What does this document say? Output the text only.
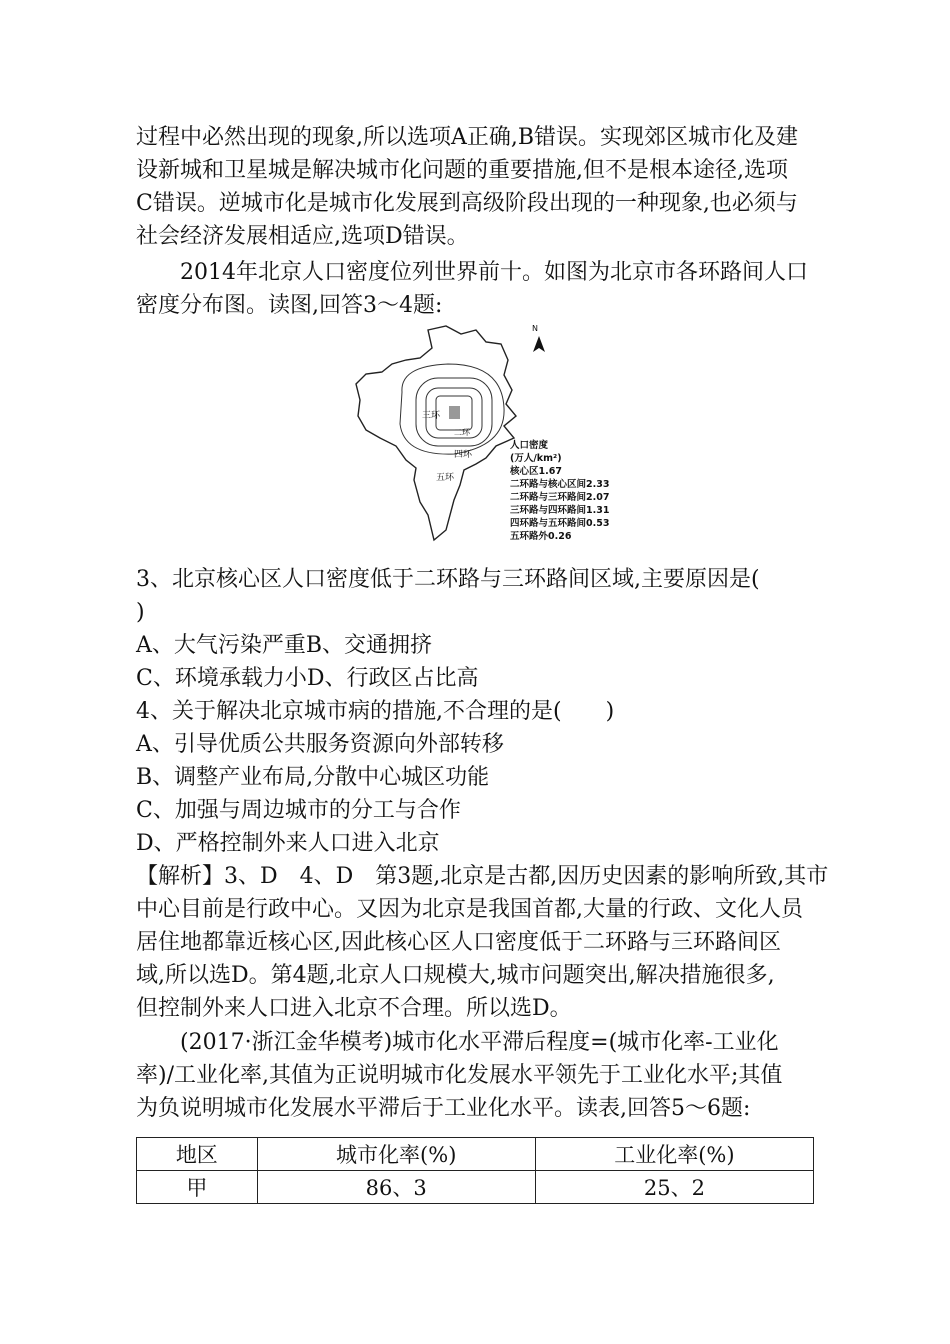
过程中必然出现的现象,所以选项A正确,B错误。实现郊区城市化及建
设新城和卫星城是解决城市化问题的重要措施,但不是根本途径,选项
C错误。逆城市化是城市化发展到高级阶段出现的一种现象,也必须与
社会经济发展相适应,选项D错误。
2014年北京人口密度位列世界前十。如图为北京市各环路间人口
密度分布图。读图,回答3～4题:
N
三环
二环
四环
五环
人口密度
(万人/km²)
核心区1.67
二环路与核心区间2.33
二环路与三环路间2.07
三环路与四环路间1.31
四环路与五环路间0.53
五环路外0.26
3、北京核心区人口密度低于二环路与三环路间区域,主要原因是(
)
A、大气污染严重B、交通拥挤
C、环境承载力小D、行政区占比高
4、关于解决北京城市病的措施,不合理的是(　　)
A、引导优质公共服务资源向外部转移
B、调整产业布局,分散中心城区功能
C、加强与周边城市的分工与合作
D、严格控制外来人口进入北京
【解析】3、D　4、D　第3题,北京是古都,因历史因素的影响所致,其市
中心目前是行政中心。又因为北京是我国首都,大量的行政、文化人员
居住地都靠近核心区,因此核心区人口密度低于二环路与三环路间区
域,所以选D。第4题,北京人口规模大,城市问题突出,解决措施很多,
但控制外来人口进入北京不合理。所以选D。
(2017·浙江金华模考)城市化水平滞后程度=(城市化率-工业化
率)/工业化率,其值为正说明城市化发展水平领先于工业化水平;其值
为负说明城市化发展水平滞后于工业化水平。读表,回答5～6题:
地区	城市化率(%)	工业化率(%)
甲	86、3	25、2
